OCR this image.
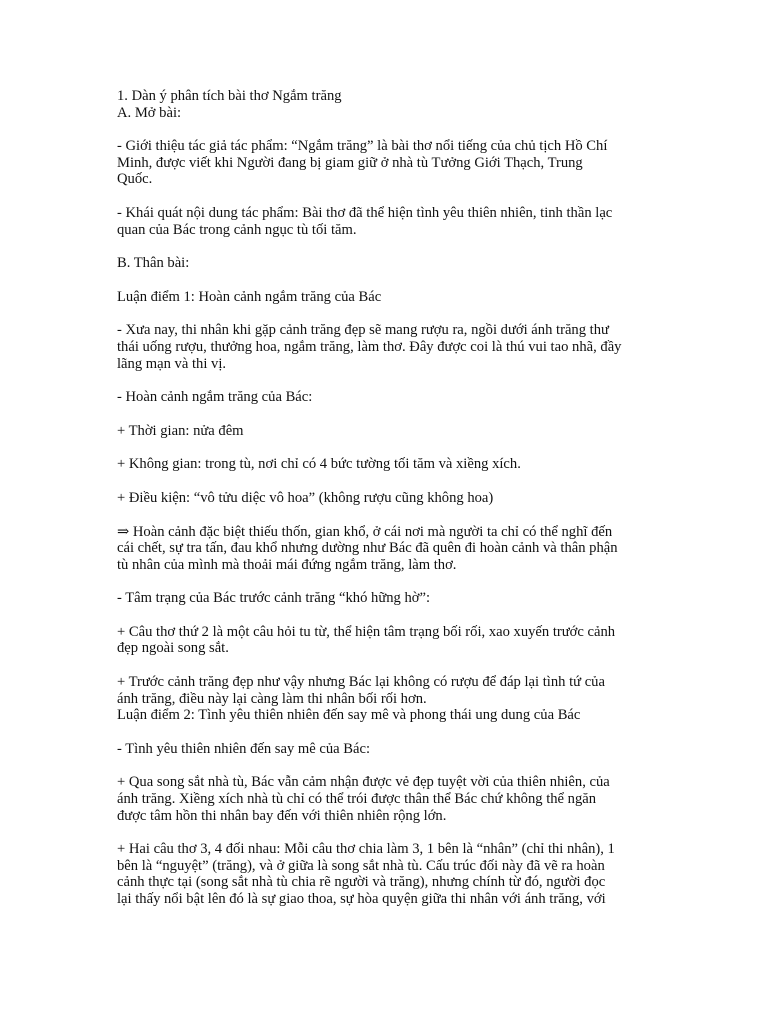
1. Dàn ý phân tích bài thơ Ngắm trăng
A. Mở bài:
- Giới thiệu tác giả tác phẩm: “Ngắm trăng” là bài thơ nổi tiếng của chủ tịch Hồ Chí
Minh, được viết khi Người đang bị giam giữ ở nhà tù Tưởng Giới Thạch, Trung
Quốc.
- Khái quát nội dung tác phẩm: Bài thơ đã thể hiện tình yêu thiên nhiên, tinh thần lạc
quan của Bác trong cảnh ngục tù tối tăm.
B. Thân bài:
Luận điểm 1: Hoàn cảnh ngắm trăng của Bác
- Xưa nay, thi nhân khi gặp cảnh trăng đẹp sẽ mang rượu ra, ngồi dưới ánh trăng thư
thái uống rượu, thưởng hoa, ngắm trăng, làm thơ. Đây được coi là thú vui tao nhã, đầy
lãng mạn và thi vị.
- Hoàn cảnh ngắm trăng của Bác:
+ Thời gian: nửa đêm
+ Không gian: trong tù, nơi chỉ có 4 bức tường tối tăm và xiềng xích.
+ Điều kiện: “vô tửu diệc vô hoa” (không rượu cũng không hoa)
⇒ Hoàn cảnh đặc biệt thiếu thốn, gian khổ, ở cái nơi mà người ta chỉ có thể nghĩ đến
cái chết, sự tra tấn, đau khổ nhưng dường như Bác đã quên đi hoàn cảnh và thân phận
tù nhân của mình mà thoải mái đứng ngắm trăng, làm thơ.
- Tâm trạng của Bác trước cảnh trăng “khó hững hờ”:
+ Câu thơ thứ 2 là một câu hỏi tu từ, thể hiện tâm trạng bối rối, xao xuyến trước cảnh
đẹp ngoài song sắt.
+ Trước cảnh trăng đẹp như vậy nhưng Bác lại không có rượu để đáp lại tình tứ của
ánh trăng, điều này lại càng làm thi nhân bối rối hơn.
Luận điểm 2: Tình yêu thiên nhiên đến say mê và phong thái ung dung của Bác
- Tình yêu thiên nhiên đến say mê của Bác:
+ Qua song sắt nhà tù, Bác vẫn cảm nhận được vẻ đẹp tuyệt vời của thiên nhiên, của
ánh trăng. Xiềng xích nhà tù chỉ có thể trói được thân thể Bác chứ không thể ngăn
được tâm hồn thi nhân bay đến với thiên nhiên rộng lớn.
+ Hai câu thơ 3, 4 đối nhau: Mỗi câu thơ chia làm 3, 1 bên là “nhân” (chỉ thi nhân), 1
bên là “nguyệt” (trăng), và ở giữa là song sắt nhà tù. Cấu trúc đối này đã vẽ ra hoàn
cảnh thực tại (song sắt nhà tù chia rẽ người và trăng), nhưng chính từ đó, người đọc
lại thấy nổi bật lên đó là sự giao thoa, sự hòa quyện giữa thi nhân với ánh trăng, với
